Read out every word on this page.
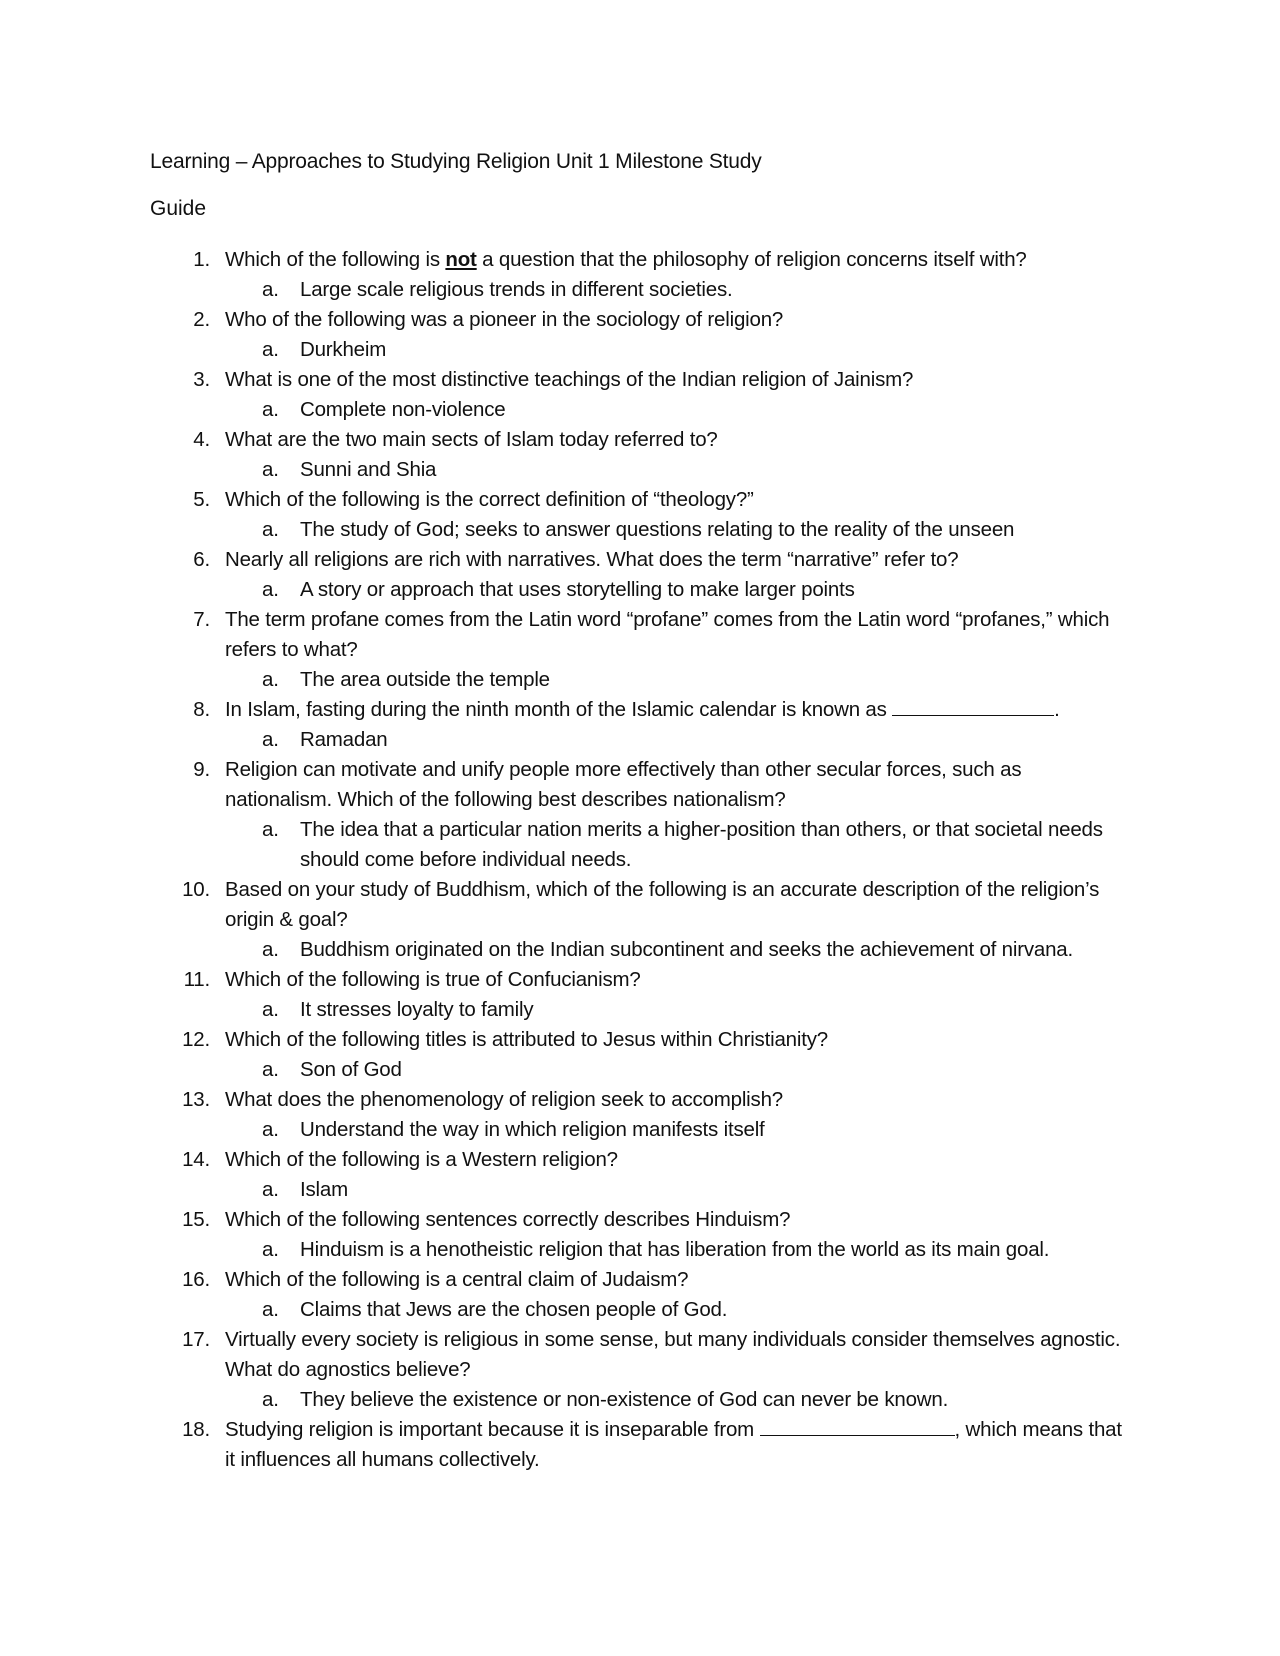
Learning – Approaches to Studying Religion Unit 1 Milestone Study
Guide
1. Which of the following is not a question that the philosophy of religion concerns itself with?
a. Large scale religious trends in different societies.
2. Who of the following was a pioneer in the sociology of religion?
a. Durkheim
3. What is one of the most distinctive teachings of the Indian religion of Jainism?
a. Complete non-violence
4. What are the two main sects of Islam today referred to?
a. Sunni and Shia
5. Which of the following is the correct definition of “theology?”
a. The study of God; seeks to answer questions relating to the reality of the unseen
6. Nearly all religions are rich with narratives. What does the term “narrative” refer to?
a. A story or approach that uses storytelling to make larger points
7. The term profane comes from the Latin word “profane” comes from the Latin word “profanes,” which refers to what?
a. The area outside the temple
8. In Islam, fasting during the ninth month of the Islamic calendar is known as	.
a. Ramadan
9. Religion can motivate and unify people more effectively than other secular forces, such as nationalism. Which of the following best describes nationalism?
a. The idea that a particular nation merits a higher-position than others, or that societal needs should come before individual needs.
10. Based on your study of Buddhism, which of the following is an accurate description of the religion’s origin & goal?
a. Buddhism originated on the Indian subcontinent and seeks the achievement of nirvana.
11. Which of the following is true of Confucianism?
a. It stresses loyalty to family
12. Which of the following titles is attributed to Jesus within Christianity?
a. Son of God
13. What does the phenomenology of religion seek to accomplish?
a. Understand the way in which religion manifests itself
14. Which of the following is a Western religion?
a. Islam
15. Which of the following sentences correctly describes Hinduism?
a. Hinduism is a henotheistic religion that has liberation from the world as its main goal.
16. Which of the following is a central claim of Judaism?
a. Claims that Jews are the chosen people of God.
17. Virtually every society is religious in some sense, but many individuals consider themselves agnostic. What do agnostics believe?
a. They believe the existence or non-existence of God can never be known.
18. Studying religion is important because it is inseparable from	, which means that it influences all humans collectively.
